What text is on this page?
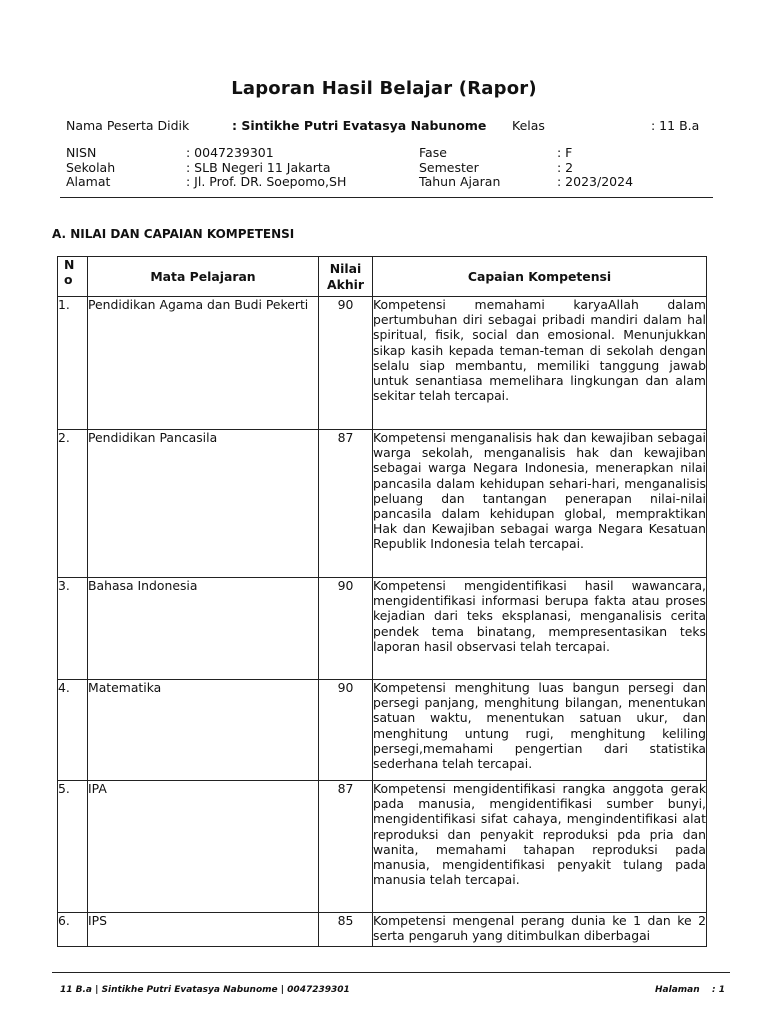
Laporan Hasil Belajar (Rapor)
Nama Peserta Didik	: Sintikhe Putri Evatasya Nabunome Kelas	: 11 B.a
NISN	: 0047239301
Sekolah	: SLB Negeri 11 Jakarta
Alamat	: Jl. Prof. DR. Soepomo,SH
Fase	: F
Semester	: 2
Tahun Ajaran	: 2023/2024
A. NILAI DAN CAPAIAN KOMPETENSI
N o	Mata Pelajaran	Nilai Akhir	Capaian Kompetensi
1.	Pendidikan Agama dan Budi Pekerti	90	Kompetensi memahami karyaAllah dalam pertumbuhan diri sebagai pribadi mandiri dalam hal spiritual, fisik, social dan emosional. Menunjukkan sikap kasih kepada teman-teman di sekolah dengan selalu siap membantu, memiliki tanggung jawab untuk senantiasa memelihara lingkungan dan alam sekitar telah tercapai.
2.	Pendidikan Pancasila	87	Kompetensi menganalisis hak dan kewajiban sebagai warga sekolah, menganalisis hak dan kewajiban sebagai warga Negara Indonesia, menerapkan nilai pancasila dalam kehidupan sehari-hari, menganalisis peluang dan tantangan penerapan nilai-nilai pancasila dalam kehidupan global, mempraktikan Hak dan Kewajiban sebagai warga Negara Kesatuan Republik Indonesia telah tercapai.
3.	Bahasa Indonesia	90	Kompetensi mengidentifikasi hasil wawancara, mengidentifikasi informasi berupa fakta atau proses kejadian dari teks eksplanasi, menganalisis cerita pendek tema binatang, mempresentasikan teks laporan hasil observasi telah tercapai.
4.	Matematika	90	Kompetensi menghitung luas bangun persegi dan persegi panjang, menghitung bilangan, menentukan satuan waktu, menentukan satuan ukur, dan menghitung untung rugi, menghitung keliling persegi,memahami pengertian dari statistika sederhana telah tercapai.
5.	IPA	87	Kompetensi mengidentifikasi rangka anggota gerak pada manusia, mengidentifikasi sumber bunyi, mengidentifikasi sifat cahaya, mengindentifikasi alat reproduksi dan penyakit reproduksi pda pria dan wanita, memahami tahapan reproduksi pada manusia, mengidentifikasi penyakit tulang pada manusia telah tercapai.
6.	IPS	85	Kompetensi mengenal perang dunia ke 1 dan ke 2 serta pengaruh yang ditimbulkan diberbagai
11 B.a | Sintikhe Putri Evatasya Nabunome | 0047239301	Halaman : 1
